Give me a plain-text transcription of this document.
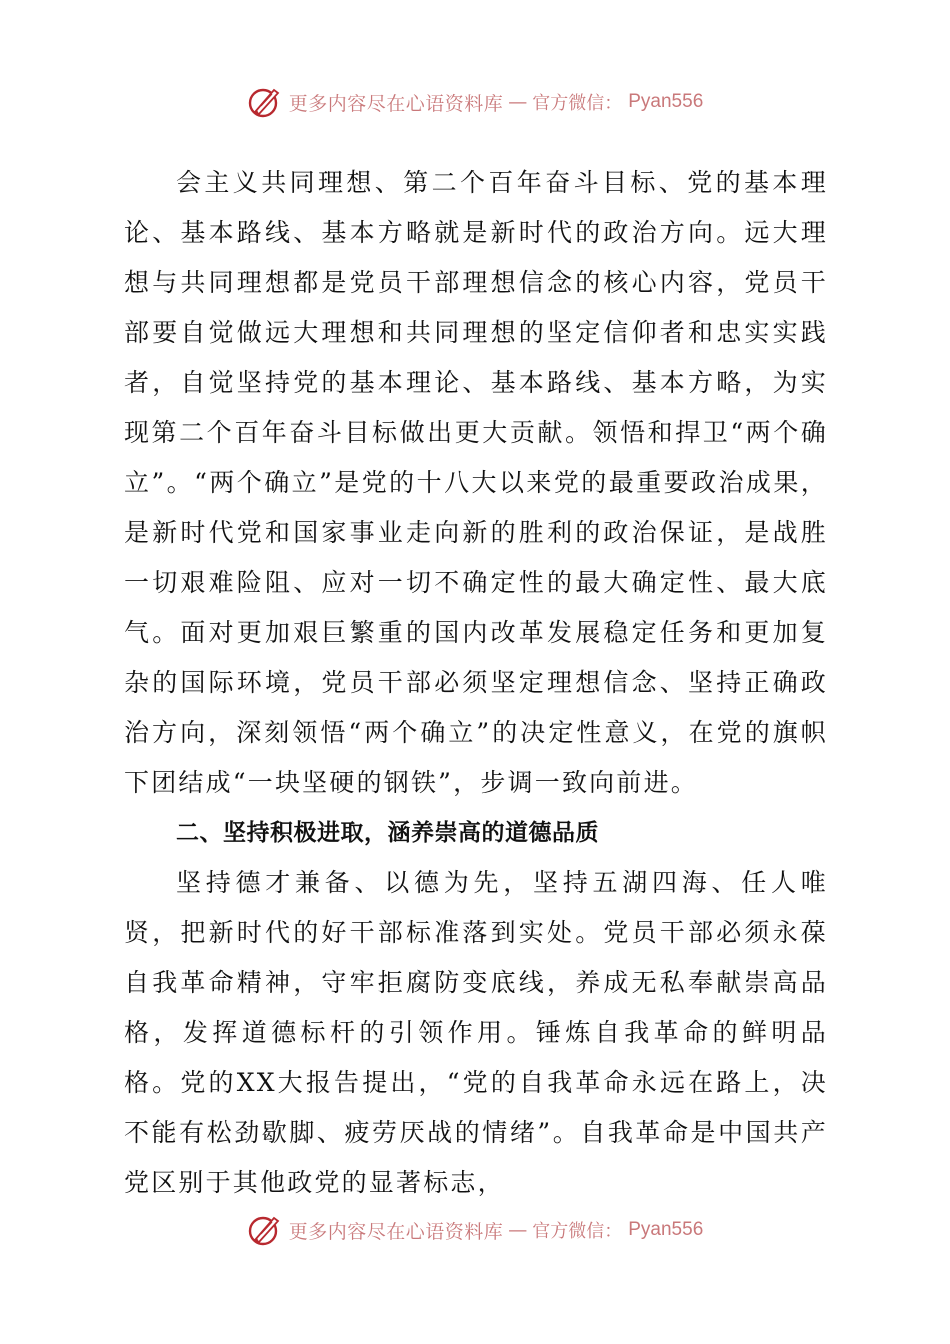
更多内容尽在心语资料库 — 官方微信： Pyan556

会主义共同理想、第二个百年奋斗目标、党的基本理论、基本路线、基本方略就是新时代的政治方向。远大理想与共同理想都是党员干部理想信念的核心内容，党员干部要自觉做远大理想和共同理想的坚定信仰者和忠实实践者，自觉坚持党的基本理论、基本路线、基本方略，为实现第二个百年奋斗目标做出更大贡献。领悟和捍卫“两个确立”。“两个确立”是党的十八大以来党的最重要政治成果，是新时代党和国家事业走向新的胜利的政治保证，是战胜一切艰难险阻、应对一切不确定性的最大确定性、最大底气。面对更加艰巨繁重的国内改革发展稳定任务和更加复杂的国际环境，党员干部必须坚定理想信念、坚持正确政治方向，深刻领悟“两个确立”的决定性意义，在党的旗帜下团结成“一块坚硬的钢铁”，步调一致向前进。

二、坚持积极进取，涵养崇高的道德品质

坚持德才兼备、以德为先，坚持五湖四海、任人唯贤，把新时代的好干部标准落到实处。党员干部必须永葆自我革命精神，守牢拒腐防变底线，养成无私奉献崇高品格，发挥道德标杆的引领作用。锤炼自我革命的鲜明品格。党的XX大报告提出，“党的自我革命永远在路上，决不能有松劲歇脚、疲劳厌战的情绪”。自我革命是中国共产党区别于其他政党的显著标志，

更多内容尽在心语资料库 — 官方微信： Pyan556
